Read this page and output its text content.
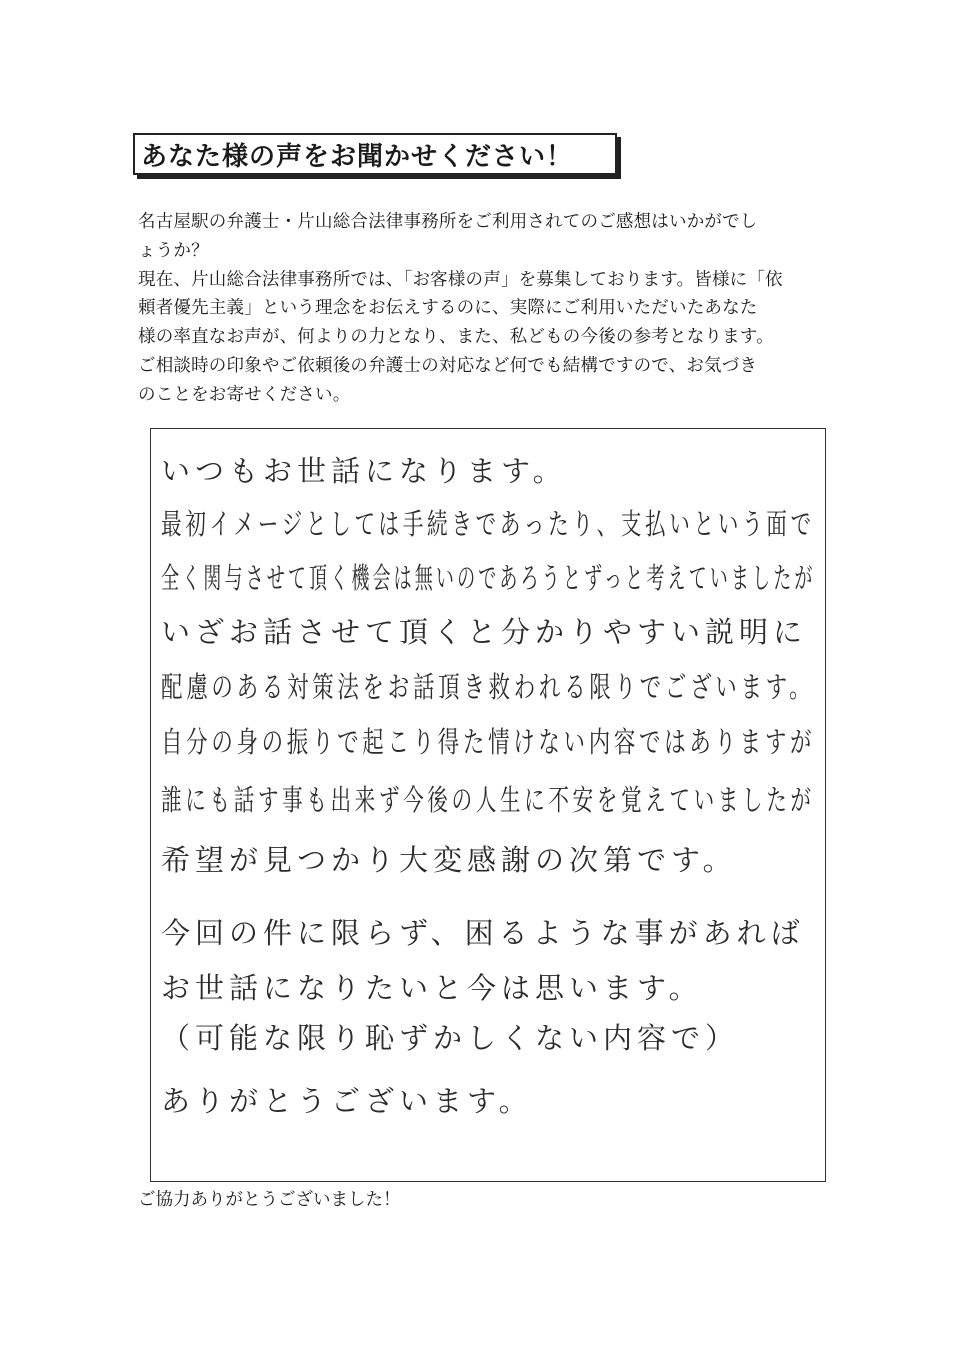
あなた様の声をお聞かせください！

名古屋駅の弁護士・片山総合法律事務所をご利用されてのご感想はいかがでし

ょうか？

現在、片山総合法律事務所では、「お客様の声」を募集しております。皆様に「依

頼者優先主義」という理念をお伝えするのに、実際にご利用いただいたあなた

様の率直なお声が、何よりの力となり、また、私どもの今後の参考となります。

ご相談時の印象やご依頼後の弁護士の対応など何でも結構ですので、お気づき

のことをお寄せください。

いつもお世話になります。
最初イメージとしては手続きであったり、支払いという面で
全く関与させて頂く機会は無いのであろうとずっと考えていましたが
いざお話させて頂くと分かりやすい説明に
配慮のある対策法をお話頂き救われる限りでございます。
自分の身の振りで起こり得た情けない内容ではありますが
誰にも話す事も出来ず今後の人生に不安を覚えていましたが
希望が見つかり大変感謝の次第です。
今回の件に限らず、困るような事があれば
お世話になりたいと今は思います。
（可能な限り恥ずかしくない内容で）
ありがとうございます。
ご協力ありがとうございました！
